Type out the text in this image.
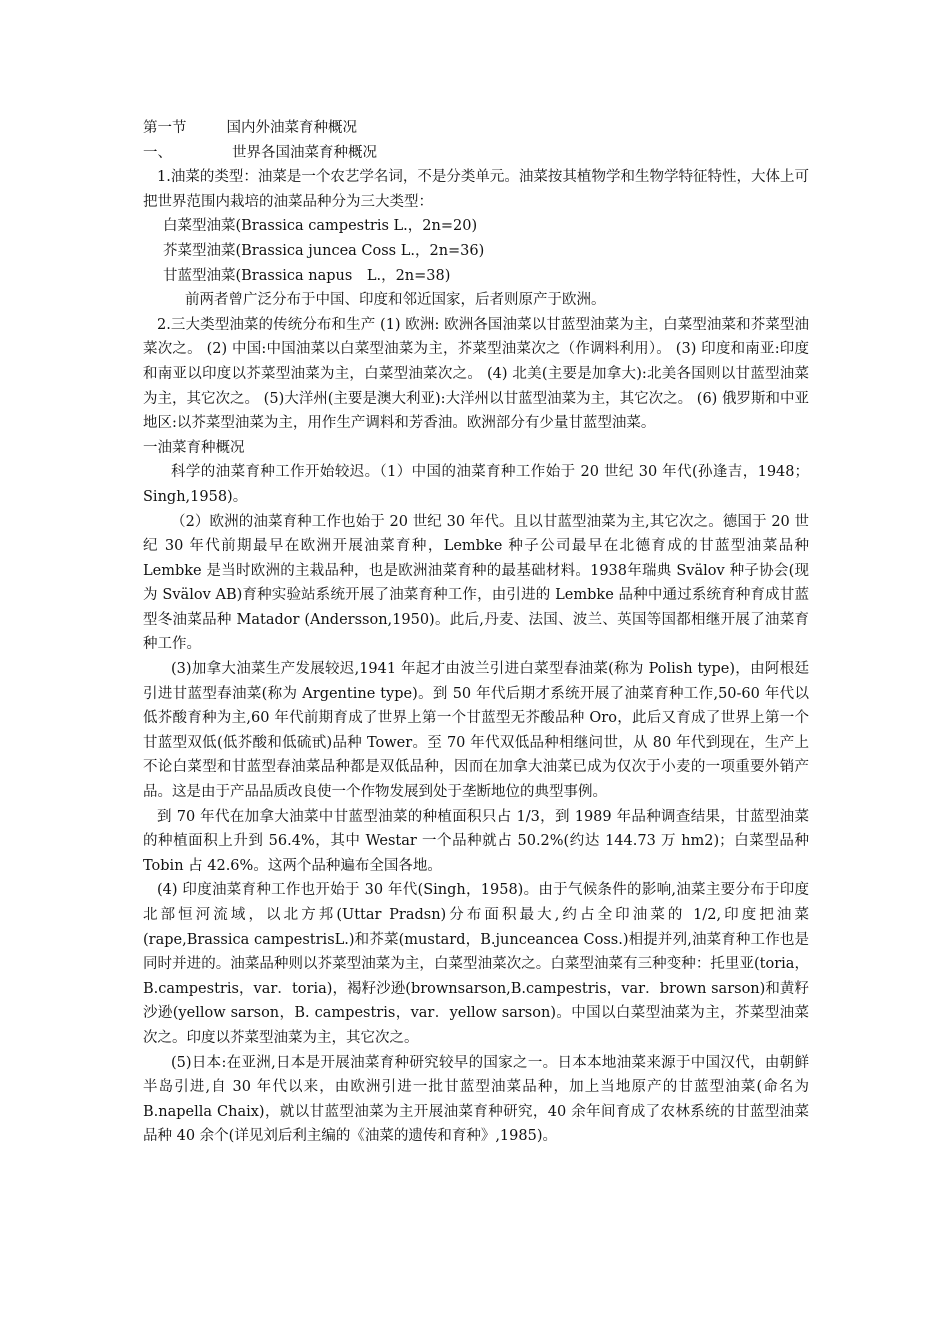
第一节	国内外油菜育种概况
一、	世界各国油菜育种概况
1.油菜的类型：油菜是一个农艺学名词，不是分类单元。油菜按其植物学和生物学特征特性，大体上可把世界范围内栽培的油菜品种分为三大类型：
白菜型油菜(Brassica campestris L.，2n=20)
芥菜型油菜(Brassica juncea Coss L.，2n=36)
甘蓝型油菜(Brassica napus　L.，2n=38)
前两者曾广泛分布于中国、印度和邻近国家，后者则原产于欧洲。
2.三大类型油菜的传统分布和生产 (1) 欧洲: 欧洲各国油菜以甘蓝型油菜为主，白菜型油菜和芥菜型油菜次之。 (2) 中国:中国油菜以白菜型油菜为主，芥菜型油菜次之（作调料利用）。 (3) 印度和南亚:印度和南亚以印度以芥菜型油菜为主，白菜型油菜次之。 (4) 北美(主要是加拿大):北美各国则以甘蓝型油菜为主，其它次之。 (5)大洋州(主要是澳大利亚):大洋州以甘蓝型油菜为主，其它次之。 (6) 俄罗斯和中亚地区:以芥菜型油菜为主，用作生产调料和芳香油。欧洲部分有少量甘蓝型油菜。
一油菜育种概况
科学的油菜育种工作开始较迟。（1）中国的油菜育种工作始于 20 世纪 30 年代(孙逢吉，1948；Singh,1958)。
（2）欧洲的油菜育种工作也始于 20 世纪 30 年代。且以甘蓝型油菜为主,其它次之。德国于 20 世纪 30 年代前期最早在欧洲开展油菜育种，Lembke 种子公司最早在北德育成的甘蓝型油菜品种 Lembke 是当时欧洲的主栽品种，也是欧洲油菜育种的最基础材料。1938年瑞典 Svälov 种子协会(现为 Svälov AB)育种实验站系统开展了油菜育种工作，由引进的 Lembke 品种中通过系统育种育成甘蓝型冬油菜品种 Matador (Andersson,1950)。此后,丹麦、法国、波兰、英国等国都相继开展了油菜育种工作。
(3)加拿大油菜生产发展较迟,1941 年起才由波兰引进白菜型春油菜(称为 Polish type)，由阿根廷引进甘蓝型春油菜(称为 Argentine type)。到 50 年代后期才系统开展了油菜育种工作,50-60 年代以低芥酸育种为主,60 年代前期育成了世界上第一个甘蓝型无芥酸品种 Oro，此后又育成了世界上第一个甘蓝型双低(低芥酸和低硫甙)品种 Tower。至 70 年代双低品种相继问世，从 80 年代到现在，生产上不论白菜型和甘蓝型春油菜品种都是双低品种，因而在加拿大油菜已成为仅次于小麦的一项重要外销产品。这是由于产品品质改良使一个作物发展到处于垄断地位的典型事例。
到 70 年代在加拿大油菜中甘蓝型油菜的种植面积只占 1/3，到 1989 年品种调查结果，甘蓝型油菜的种植面积上升到 56.4%，其中 Westar 一个品种就占 50.2%(约达 144.73 万 hm2)；白菜型品种 Tobin 占 42.6%。这两个品种遍布全国各地。
(4) 印度油菜育种工作也开始于 30 年代(Singh，1958)。由于气候条件的影响,油菜主要分布于印度北部恒河流域，以北方邦(Uttar Pradsn)分布面积最大,约占全印油菜的 1/2,印度把油菜(rape,Brassica campestrisL.)和芥菜(mustard，B.junceancea Coss.)相提并列,油菜育种工作也是同时并进的。油菜品种则以芥菜型油菜为主，白菜型油菜次之。白菜型油菜有三种变种：托里亚(toria，B.campestris，var．toria)，褐籽沙逊(brownsarson,B.campestris，var．brown sarson)和黄籽沙逊(yellow sarson，B. campestris，var．yellow sarson)。中国以白菜型油菜为主，芥菜型油菜次之。印度以芥菜型油菜为主，其它次之。
(5)日本:在亚洲,日本是开展油菜育种研究较早的国家之一。日本本地油菜来源于中国汉代，由朝鲜半岛引进,自 30 年代以来，由欧洲引进一批甘蓝型油菜品种，加上当地原产的甘蓝型油菜(命名为 B.napella Chaix)，就以甘蓝型油菜为主开展油菜育种研究，40 余年间育成了农林系统的甘蓝型油菜品种 40 余个(详见刘后利主编的《油菜的遗传和育种》,1985)。
